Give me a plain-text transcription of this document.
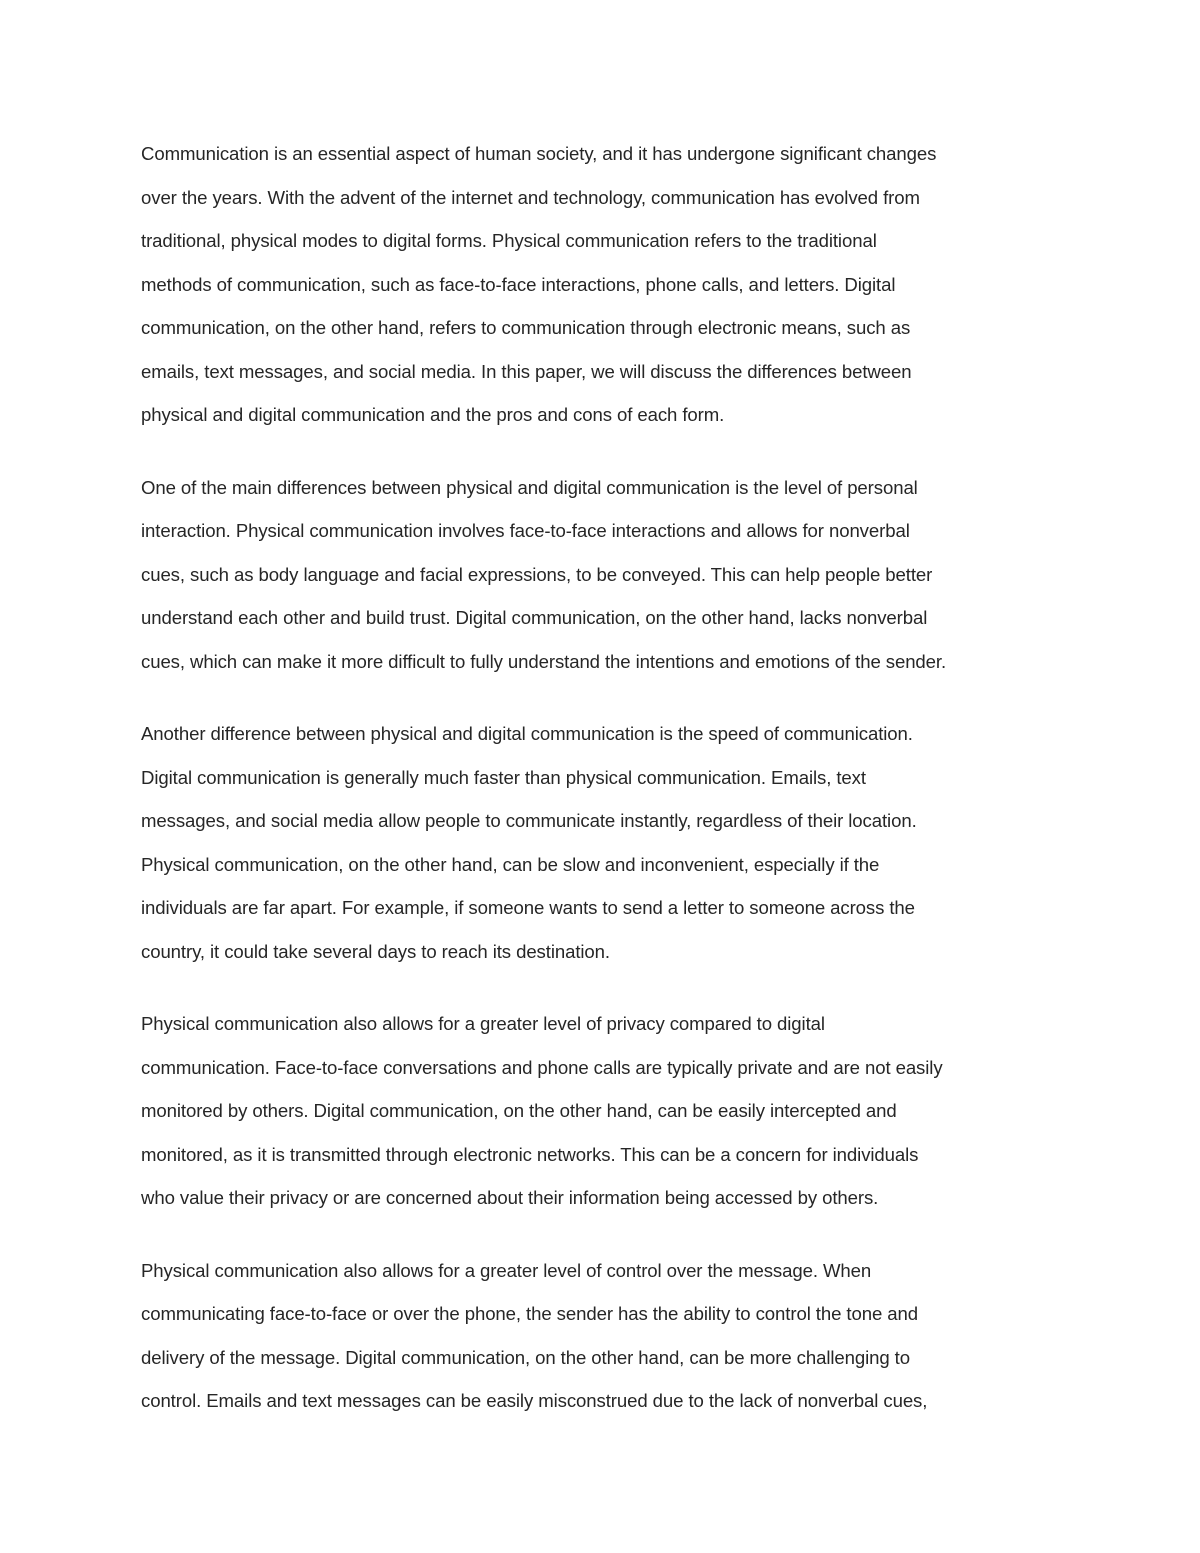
Communication is an essential aspect of human society, and it has undergone significant changes
over the years. With the advent of the internet and technology, communication has evolved from
traditional, physical modes to digital forms. Physical communication refers to the traditional
methods of communication, such as face-to-face interactions, phone calls, and letters. Digital
communication, on the other hand, refers to communication through electronic means, such as
emails, text messages, and social media. In this paper, we will discuss the differences between
physical and digital communication and the pros and cons of each form.

One of the main differences between physical and digital communication is the level of personal
interaction. Physical communication involves face-to-face interactions and allows for nonverbal
cues, such as body language and facial expressions, to be conveyed. This can help people better
understand each other and build trust. Digital communication, on the other hand, lacks nonverbal
cues, which can make it more difficult to fully understand the intentions and emotions of the sender.

Another difference between physical and digital communication is the speed of communication.
Digital communication is generally much faster than physical communication. Emails, text
messages, and social media allow people to communicate instantly, regardless of their location.
Physical communication, on the other hand, can be slow and inconvenient, especially if the
individuals are far apart. For example, if someone wants to send a letter to someone across the
country, it could take several days to reach its destination.

Physical communication also allows for a greater level of privacy compared to digital
communication. Face-to-face conversations and phone calls are typically private and are not easily
monitored by others. Digital communication, on the other hand, can be easily intercepted and
monitored, as it is transmitted through electronic networks. This can be a concern for individuals
who value their privacy or are concerned about their information being accessed by others.

Physical communication also allows for a greater level of control over the message. When
communicating face-to-face or over the phone, the sender has the ability to control the tone and
delivery of the message. Digital communication, on the other hand, can be more challenging to
control. Emails and text messages can be easily misconstrued due to the lack of nonverbal cues,
